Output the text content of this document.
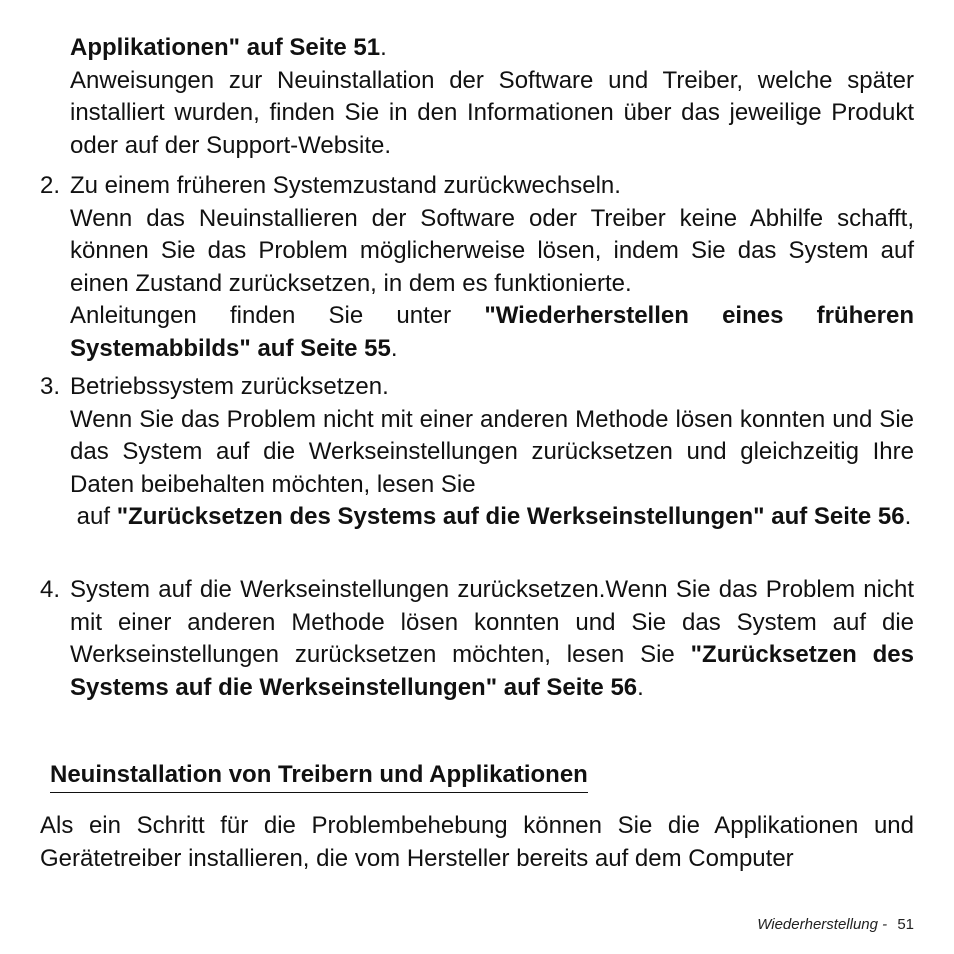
Applikationen" auf Seite 51.
Anweisungen zur Neuinstallation der Software und Treiber, welche später installiert wurden, finden Sie in den Informationen über das jeweilige Produkt oder auf der Support-Website.
2. Zu einem früheren Systemzustand zurückwechseln.
Wenn das Neuinstallieren der Software oder Treiber keine Abhilfe schafft, können Sie das Problem möglicherweise lösen, indem Sie das System auf einen Zustand zurücksetzen, in dem es funktionierte.
Anleitungen finden Sie unter "Wiederherstellen eines früheren Systemabbilds" auf Seite 55.
3. Betriebssystem zurücksetzen.
Wenn Sie das Problem nicht mit einer anderen Methode lösen konnten und Sie das System auf die Werkseinstellungen zurücksetzen und gleichzeitig Ihre Daten beibehalten möchten, lesen Sie
auf "Zurücksetzen des Systems auf die Werkseinstellungen" auf Seite 56.
4. System auf die Werkseinstellungen zurücksetzen.Wenn Sie das Problem nicht mit einer anderen Methode lösen konnten und Sie das System auf die Werkseinstellungen zurücksetzen möchten, lesen Sie "Zurücksetzen des Systems auf die Werkseinstellungen" auf Seite 56.
Neuinstallation von Treibern und Applikationen
Als ein Schritt für die Problembehebung können Sie die Applikationen und Gerätetreiber installieren, die vom Hersteller bereits auf dem Computer
Wiederherstellung - 51
